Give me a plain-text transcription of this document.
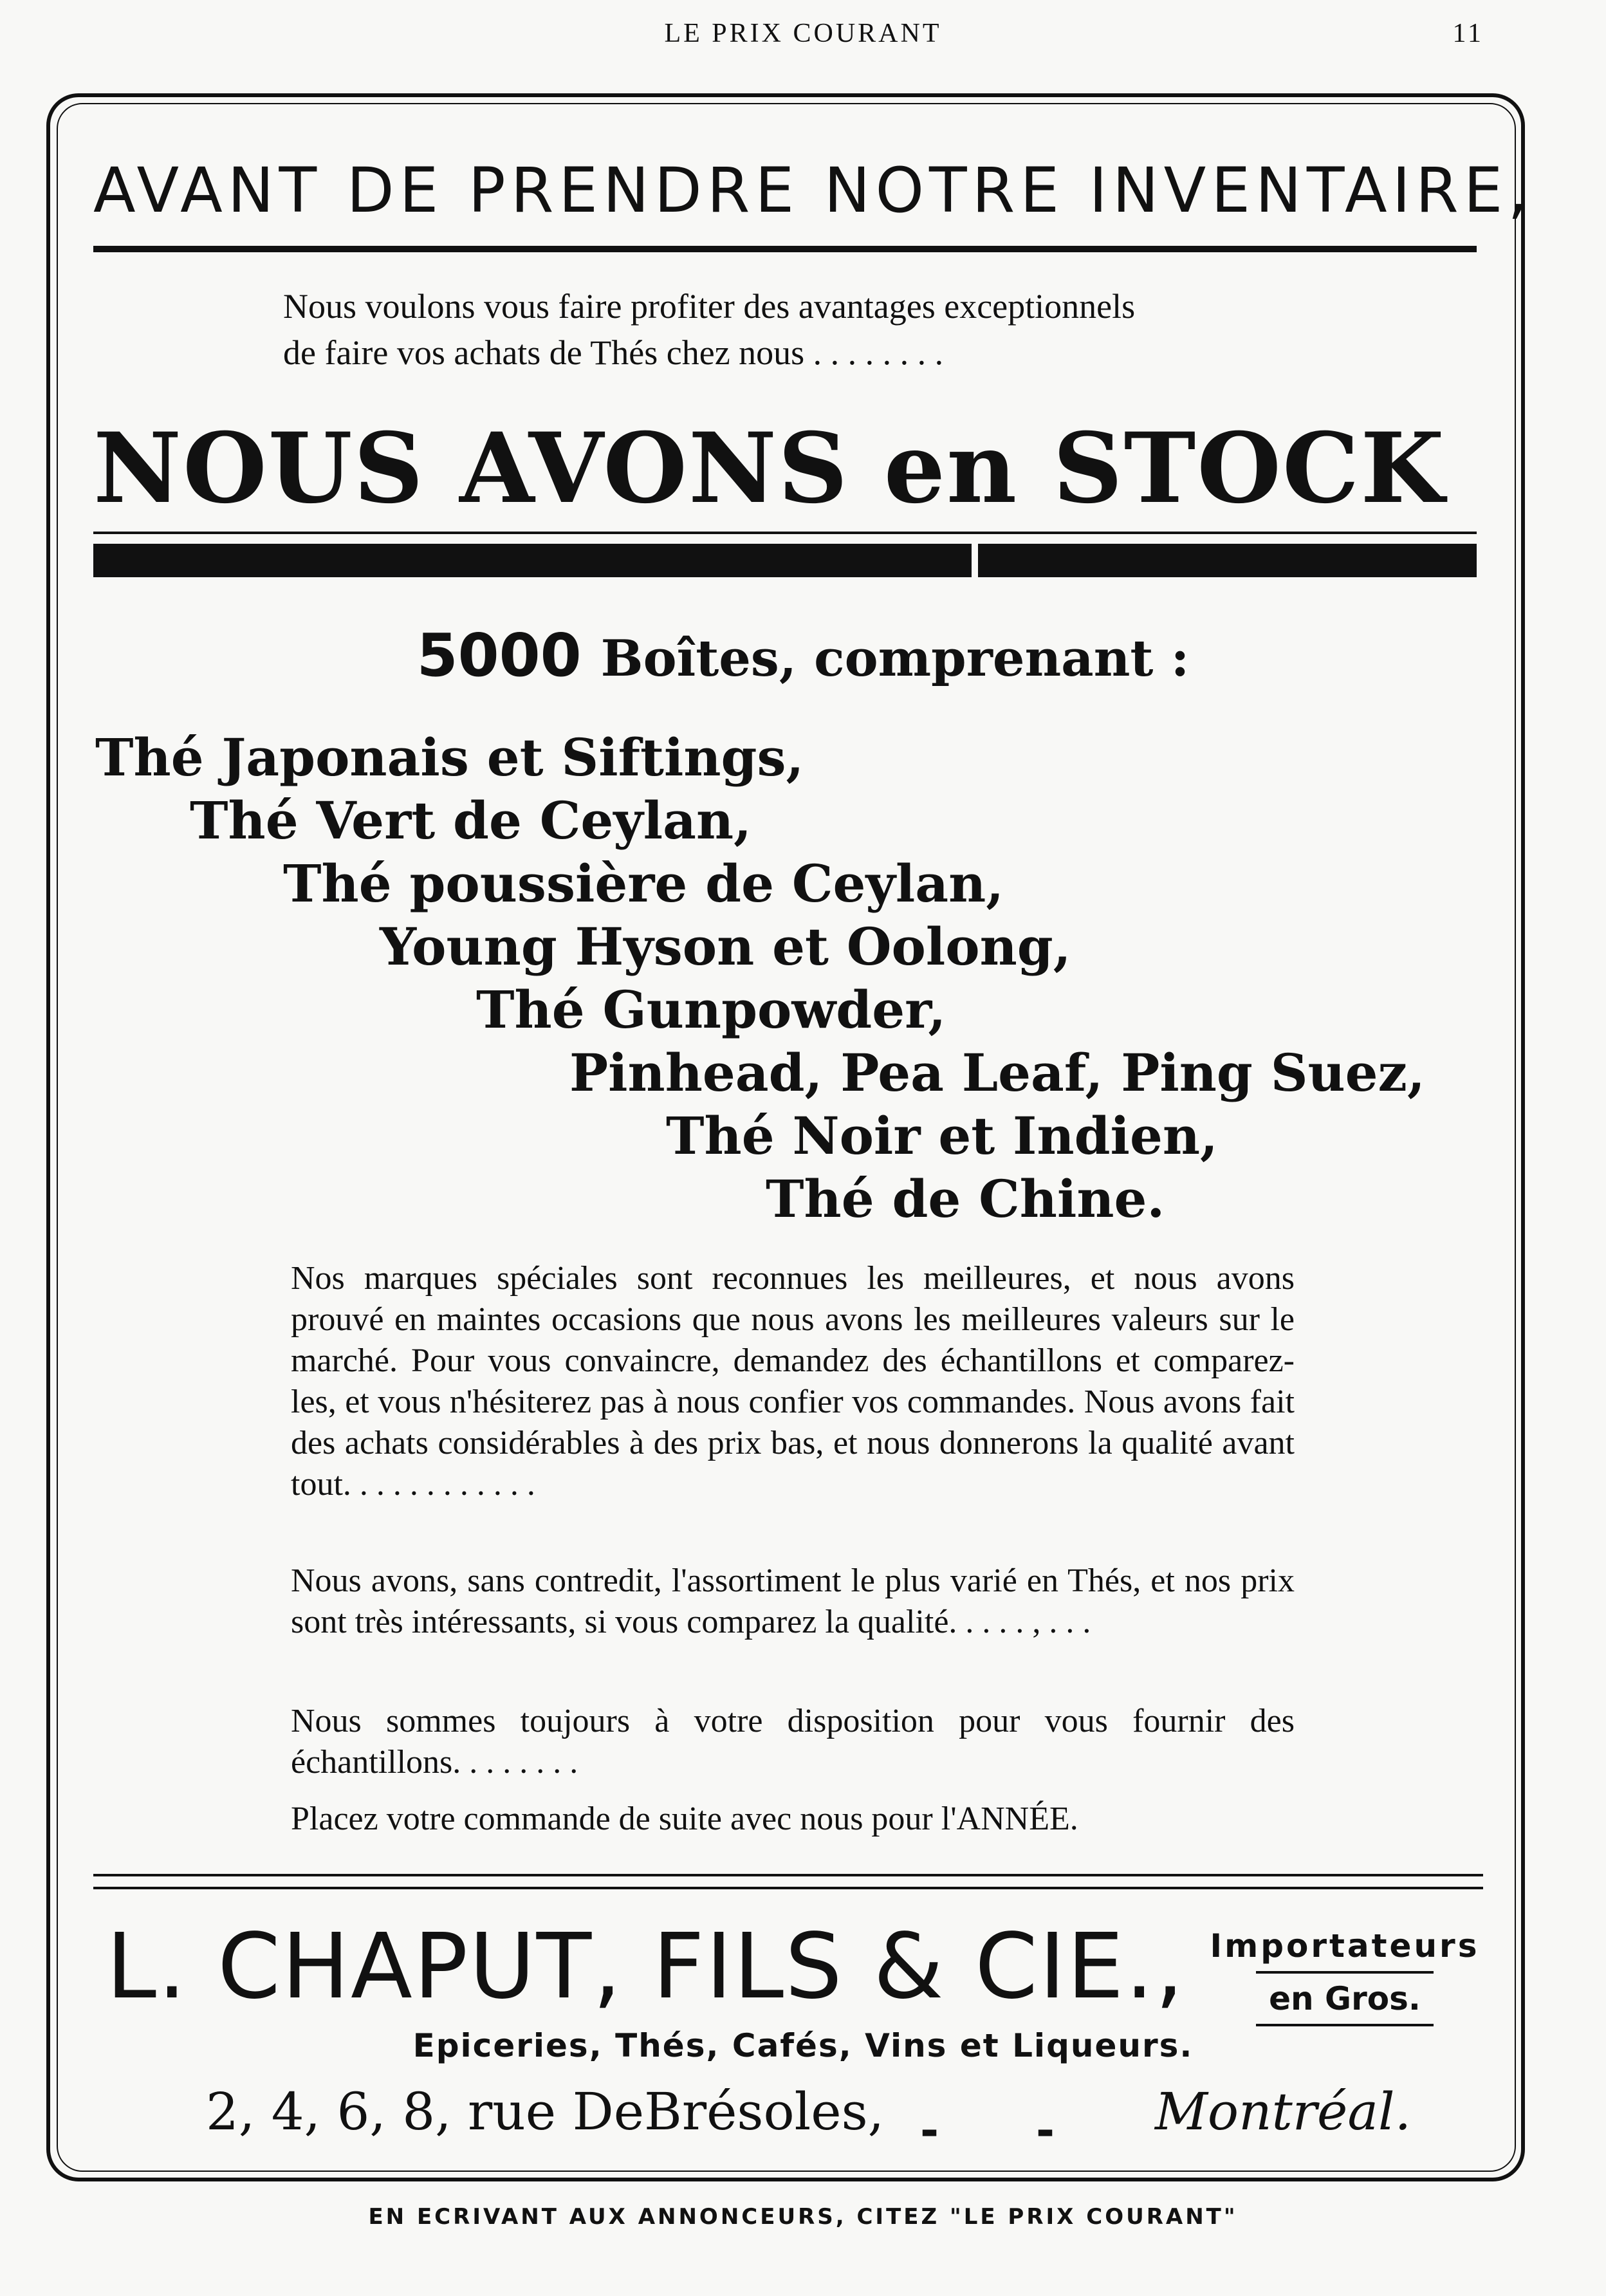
LE PRIX COURANT	11
AVANT DE PRENDRE NOTRE INVENTAIRE,
Nous voulons vous faire profiter des avantages exceptionnels
de faire vos achats de Thés chez nous . . . . . . . .
NOUS AVONS en STOCK
5000 Boîtes, comprenant :
Thé Japonais et Siftings,
Thé Vert de Ceylan,
Thé poussière de Ceylan,
Young Hyson et Oolong,
Thé Gunpowder,
Pinhead, Pea Leaf, Ping Suez,
Thé Noir et Indien,
Thé de Chine.
Nos marques spéciales sont reconnues les meilleures, et nous avons prouvé en maintes occasions que nous avons les meilleures valeurs sur le marché. Pour vous convaincre, demandez des échantillons et comparez-les, et vous n'hésiterez pas à nous confier vos commandes. Nous avons fait des achats considérables à des prix bas, et nous donnerons la qualité avant tout. . . . . . . . . . . .
Nous avons, sans contredit, l'assortiment le plus varié en Thés, et nos prix sont très intéressants, si vous comparez la qualité. . . . . , . . .
Nous sommes toujours à votre disposition pour vous fournir des échantillons. . . . . . . .
Placez votre commande de suite avec nous pour l'ANNÉE.
L. CHAPUT, FILS & CIE., Importateurs
en Gros.
Epiceries, Thés, Cafés, Vins et Liqueurs.
2, 4, 6, 8, rue DeBrésoles, - - Montréal.
EN ECRIVANT AUX ANNONCEURS, CITEZ "LE PRIX COURANT"
